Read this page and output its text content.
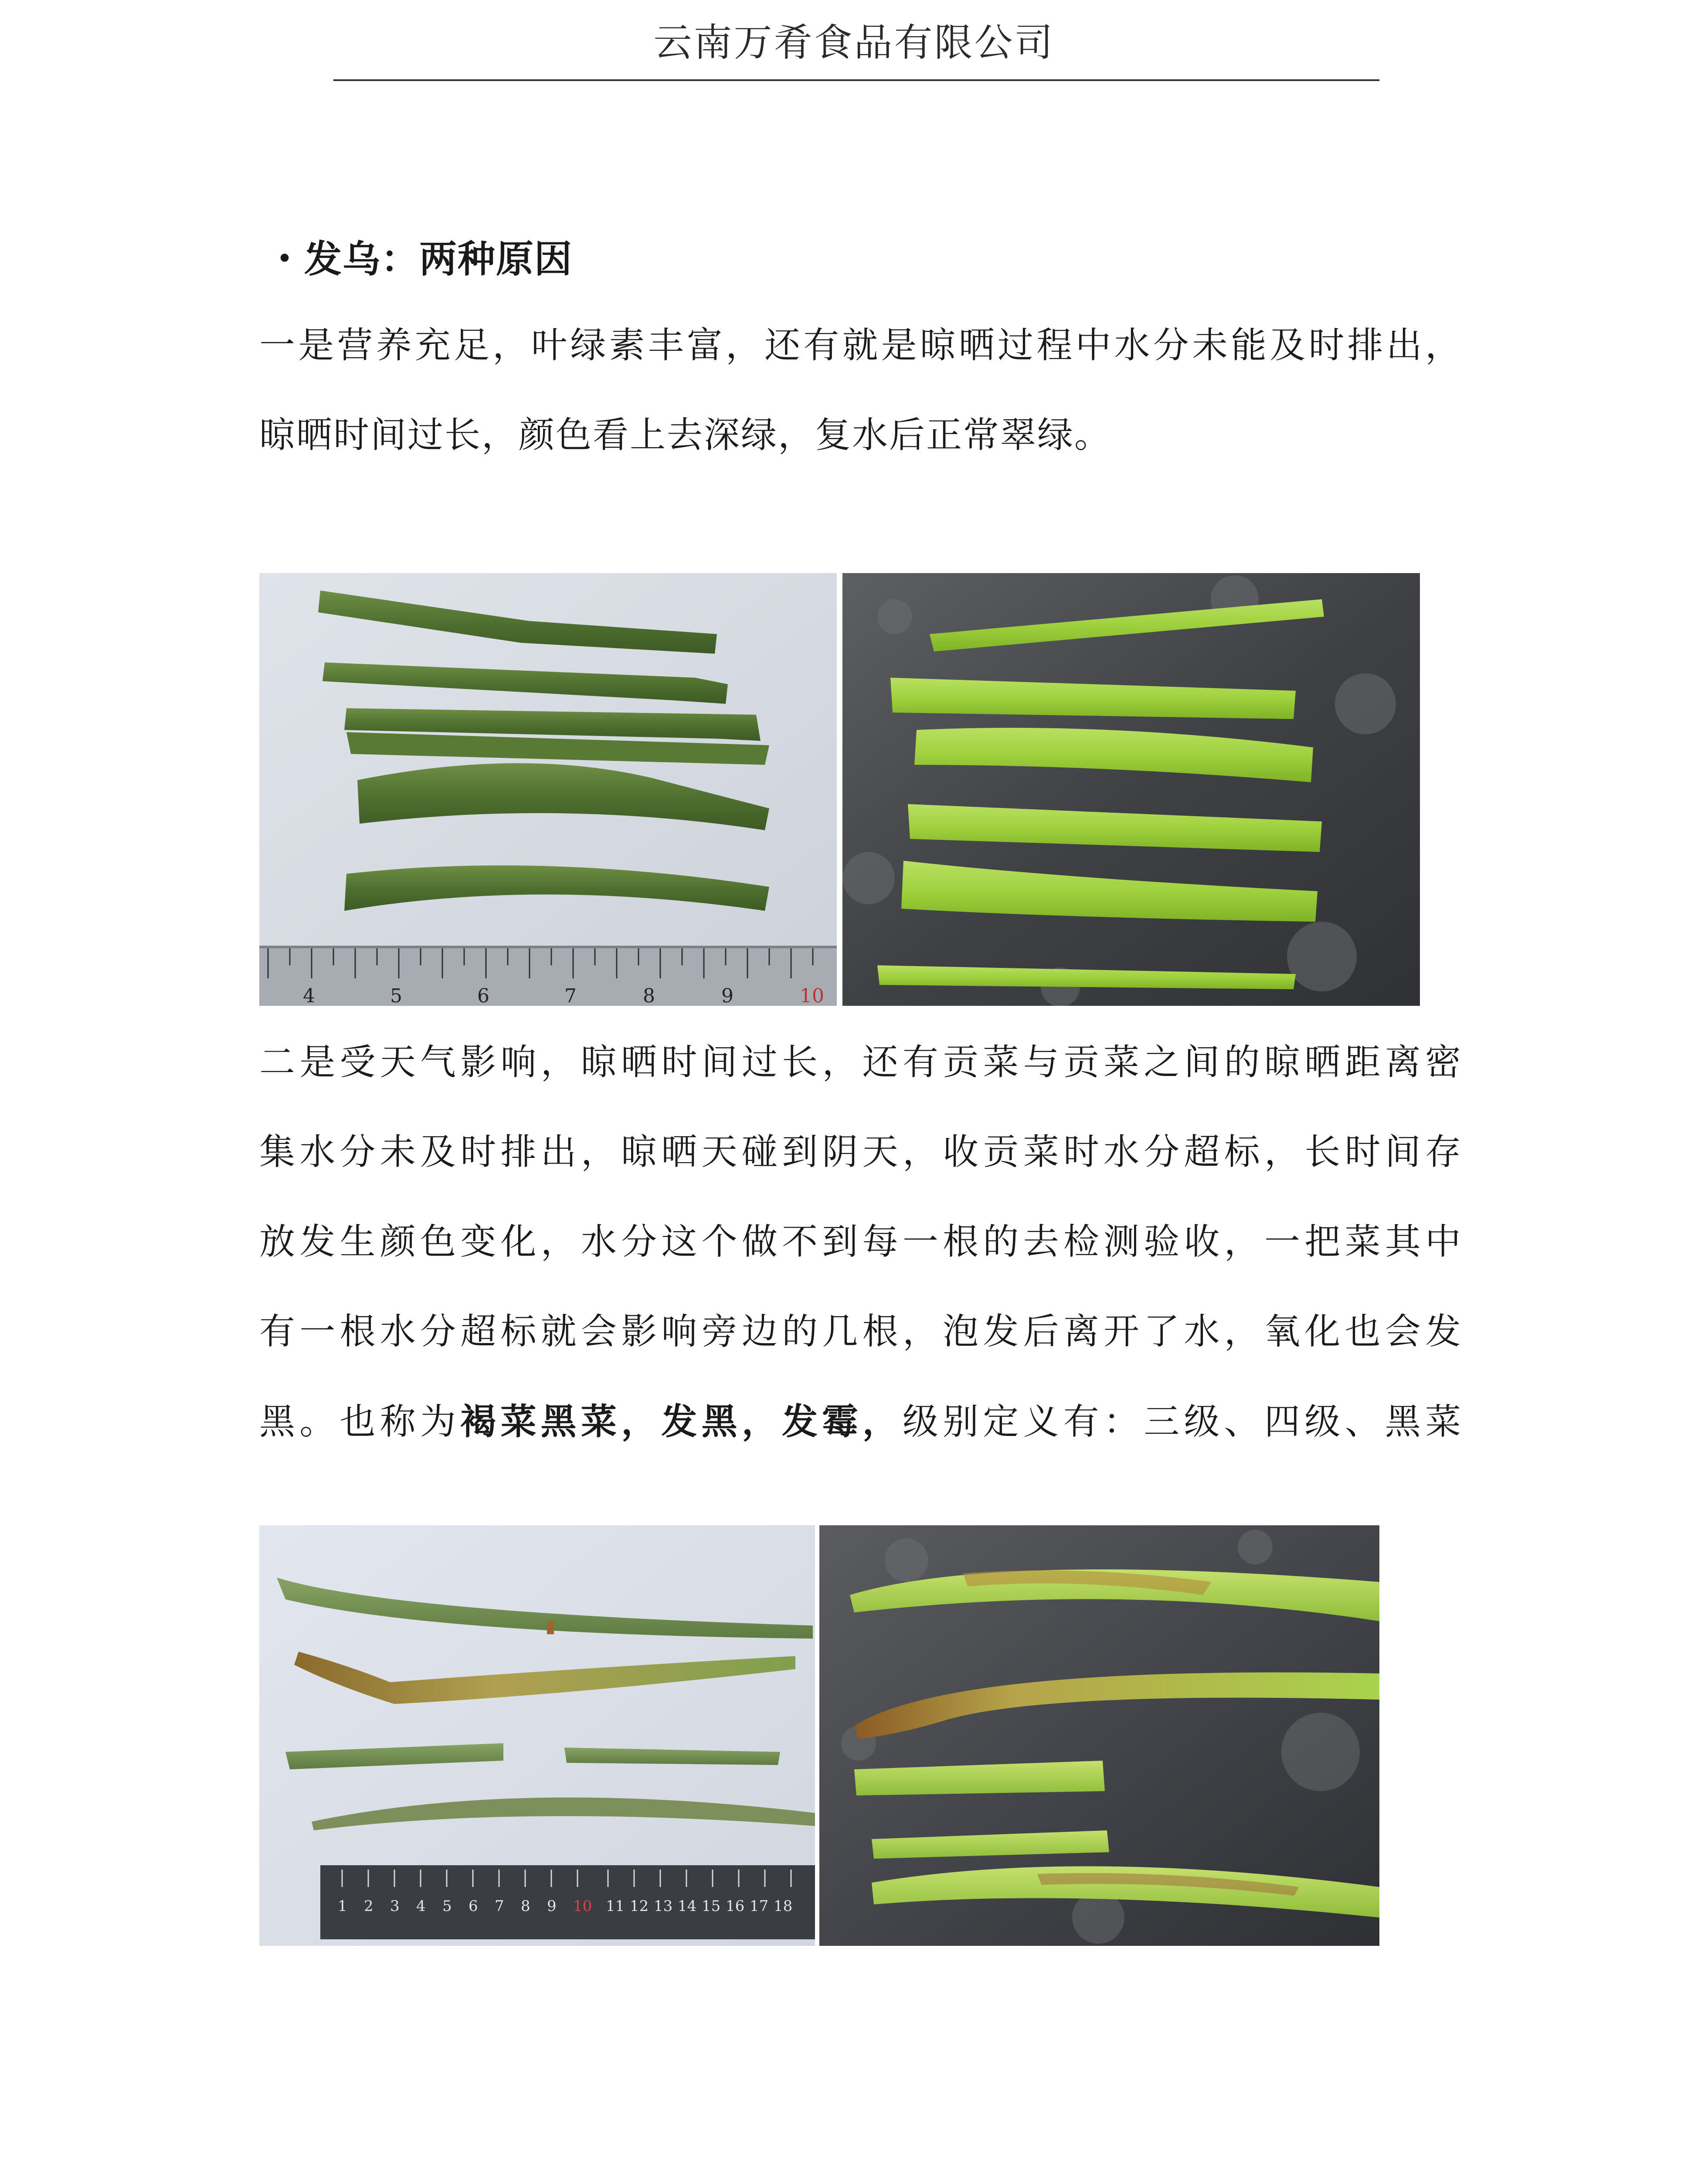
云南万肴食品有限公司
・发乌：两种原因
一是营养充足，叶绿素丰富，还有就是晾晒过程中水分未能及时排出，
晾晒时间过长，颜色看上去深绿，复水后正常翠绿。
4	5	6	7	8	9	10
二是受天气影响，晾晒时间过长，还有贡菜与贡菜之间的晾晒距离密
集水分未及时排出，晾晒天碰到阴天，收贡菜时水分超标，长时间存
放发生颜色变化，水分这个做不到每一根的去检测验收，一把菜其中
有一根水分超标就会影响旁边的几根，泡发后离开了水，氧化也会发
黑。也称为褐菜黑菜，发黑，发霉，级别定义有：三级、四级、黑菜
1 2 3 4 5 6 7 8 9 10 11 12 13 14 15 16 17 18
